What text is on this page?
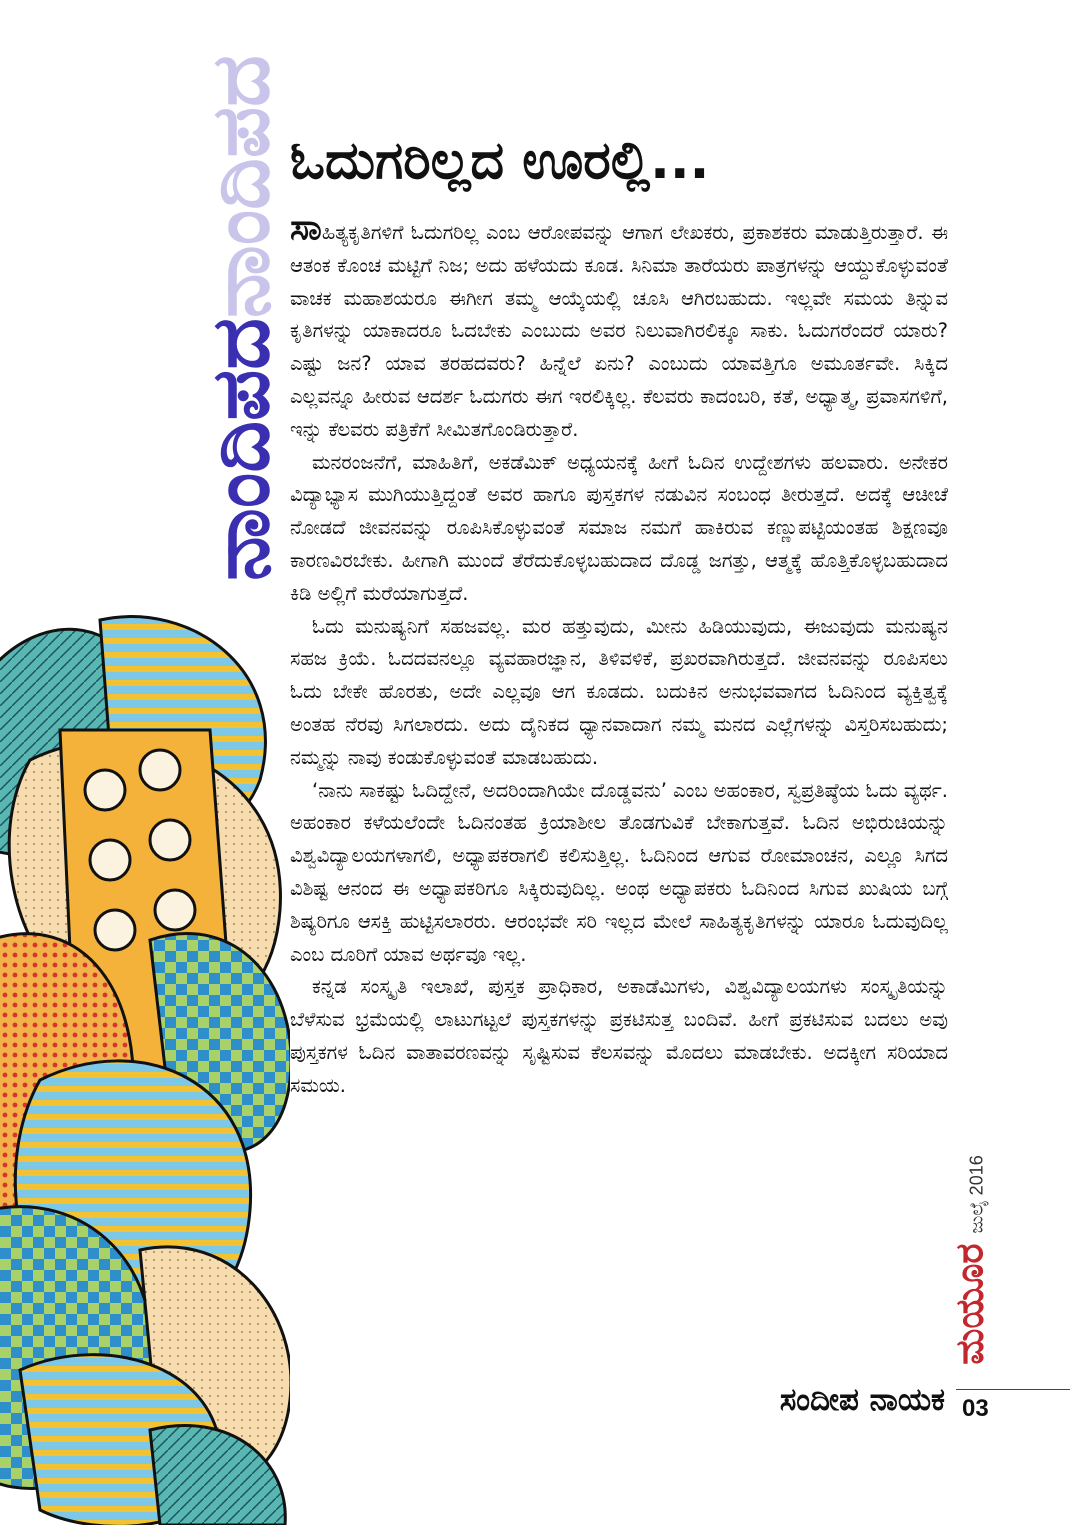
ನಾಂದಿಪದನಾಂದಿಪದ ಓದುಗರಿಲ್ಲದ ಊರಲ್ಲಿ...

ಸಾಹಿತ್ಯಕೃತಿಗಳಿಗೆ ಓದುಗರಿಲ್ಲ ಎಂಬ ಆರೋಪವನ್ನು ಆಗಾಗ ಲೇಖಕರು, ಪ್ರಕಾಶಕರು ಮಾಡುತ್ತಿರುತ್ತಾರೆ. ಈ ಆತಂಕ ಕೊಂಚ ಮಟ್ಟಿಗೆ ನಿಜ; ಅದು ಹಳೆಯದು ಕೂಡ. ಸಿನಿಮಾ ತಾರೆಯರು ಪಾತ್ರಗಳನ್ನು ಆಯ್ದುಕೊಳ್ಳುವಂತೆ ವಾಚಕ ಮಹಾಶಯರೂ ಈಗೀಗ ತಮ್ಮ ಆಯ್ಕೆಯಲ್ಲಿ ಚೂಸಿ ಆಗಿರಬಹುದು. ಇಲ್ಲವೇ ಸಮಯ ತಿನ್ನುವ ಕೃತಿಗಳನ್ನು ಯಾಕಾದರೂ ಓದಬೇಕು ಎಂಬುದು ಅವರ ನಿಲುವಾಗಿರಲಿಕ್ಕೂ ಸಾಕು. ಓದುಗರೆಂದರೆ ಯಾರು? ಎಷ್ಟು ಜನ? ಯಾವ ತರಹದವರು? ಹಿನ್ನೆಲೆ ಏನು? ಎಂಬುದು ಯಾವತ್ತಿಗೂ ಅಮೂರ್ತವೇ. ಸಿಕ್ಕಿದ ಎಲ್ಲವನ್ನೂ ಹೀರುವ ಆದರ್ಶ ಓದುಗರು ಈಗ ಇರಲಿಕ್ಕಿಲ್ಲ. ಕೆಲವರು ಕಾದಂಬರಿ, ಕತೆ, ಅಧ್ಯಾತ್ಮ, ಪ್ರವಾಸಗಳಿಗೆ, ಇನ್ನು ಕೆಲವರು ಪತ್ರಿಕೆಗೆ ಸೀಮಿತಗೊಂಡಿರುತ್ತಾರೆ.

ಮನರಂಜನೆಗೆ, ಮಾಹಿತಿಗೆ, ಅಕಡೆಮಿಕ್ ಅಧ್ಯಯನಕ್ಕೆ ಹೀಗೆ ಓದಿನ ಉದ್ದೇಶಗಳು ಹಲವಾರು. ಅನೇಕರ ವಿದ್ಯಾಭ್ಯಾಸ ಮುಗಿಯುತ್ತಿದ್ದಂತೆ ಅವರ ಹಾಗೂ ಪುಸ್ತಕಗಳ ನಡುವಿನ ಸಂಬಂಧ ತೀರುತ್ತದೆ. ಅದಕ್ಕೆ ಆಚೀಚೆ ನೋಡದೆ ಜೀವನವನ್ನು ರೂಪಿಸಿಕೊಳ್ಳುವಂತೆ ಸಮಾಜ ನಮಗೆ ಹಾಕಿರುವ ಕಣ್ಣುಪಟ್ಟಿಯಂತಹ ಶಿಕ್ಷಣವೂ ಕಾರಣವಿರಬೇಕು. ಹೀಗಾಗಿ ಮುಂದೆ ತೆರೆದುಕೊಳ್ಳಬಹುದಾದ ದೊಡ್ಡ ಜಗತ್ತು, ಆತ್ಮಕ್ಕೆ ಹೊತ್ತಿಕೊಳ್ಳಬಹುದಾದ ಕಿಡಿ ಅಲ್ಲಿಗೆ ಮರೆಯಾಗುತ್ತದೆ.

ಓದು ಮನುಷ್ಯನಿಗೆ ಸಹಜವಲ್ಲ. ಮರ ಹತ್ತುವುದು, ಮೀನು ಹಿಡಿಯುವುದು, ಈಜುವುದು ಮನುಷ್ಯನ ಸಹಜ ಕ್ರಿಯೆ. ಓದದವನಲ್ಲೂ ವ್ಯವಹಾರಜ್ಞಾನ, ತಿಳಿವಳಿಕೆ, ಪ್ರಖರವಾಗಿರುತ್ತದೆ. ಜೀವನವನ್ನು ರೂಪಿಸಲು ಓದು ಬೇಕೇ ಹೊರತು, ಅದೇ ಎಲ್ಲವೂ ಆಗ ಕೂಡದು. ಬದುಕಿನ ಅನುಭವವಾಗದ ಓದಿನಿಂದ ವ್ಯಕ್ತಿತ್ವಕ್ಕೆ ಅಂತಹ ನೆರವು ಸಿಗಲಾರದು. ಅದು ದೈನಿಕದ ಧ್ಯಾನವಾದಾಗ ನಮ್ಮ ಮನದ ಎಲ್ಲೆಗಳನ್ನು ವಿಸ್ತರಿಸಬಹುದು; ನಮ್ಮನ್ನು ನಾವು ಕಂಡುಕೊಳ್ಳುವಂತೆ ಮಾಡಬಹುದು.

‘ನಾನು ಸಾಕಷ್ಟು ಓದಿದ್ದೇನೆ, ಅದರಿಂದಾಗಿಯೇ ದೊಡ್ಡವನು’ ಎಂಬ ಅಹಂಕಾರ, ಸ್ವಪ್ರತಿಷ್ಠೆಯ ಓದು ವ್ಯರ್ಥ. ಅಹಂಕಾರ ಕಳೆಯಲೆಂದೇ ಓದಿನಂತಹ ಕ್ರಿಯಾಶೀಲ ತೊಡಗುವಿಕೆ ಬೇಕಾಗುತ್ತವೆ. ಓದಿನ ಅಭಿರುಚಿಯನ್ನು ವಿಶ್ವವಿದ್ಯಾಲಯಗಳಾಗಲಿ, ಅಧ್ಯಾಪಕರಾಗಲಿ ಕಲಿಸುತ್ತಿಲ್ಲ. ಓದಿನಿಂದ ಆಗುವ ರೋಮಾಂಚನ, ಎಲ್ಲೂ ಸಿಗದ ವಿಶಿಷ್ಟ ಆನಂದ ಈ ಅಧ್ಯಾಪಕರಿಗೂ ಸಿಕ್ಕಿರುವುದಿಲ್ಲ. ಅಂಥ ಅಧ್ಯಾಪಕರು ಓದಿನಿಂದ ಸಿಗುವ ಖುಷಿಯ ಬಗ್ಗೆ ಶಿಷ್ಯರಿಗೂ ಆಸಕ್ತಿ ಹುಟ್ಟಿಸಲಾರರು. ಆರಂಭವೇ ಸರಿ ಇಲ್ಲದ ಮೇಲೆ ಸಾಹಿತ್ಯಕೃತಿಗಳನ್ನು ಯಾರೂ ಓದುವುದಿಲ್ಲ ಎಂಬ ದೂರಿಗೆ ಯಾವ ಅರ್ಥವೂ ಇಲ್ಲ.

ಕನ್ನಡ ಸಂಸ್ಕೃತಿ ಇಲಾಖೆ, ಪುಸ್ತಕ ಪ್ರಾಧಿಕಾರ, ಅಕಾಡೆಮಿಗಳು, ವಿಶ್ವವಿದ್ಯಾಲಯಗಳು ಸಂಸ್ಕೃತಿಯನ್ನು ಬೆಳೆಸುವ ಭ್ರಮೆಯಲ್ಲಿ ಲಾಟುಗಟ್ಟಲೆ ಪುಸ್ತಕಗಳನ್ನು ಪ್ರಕಟಿಸುತ್ತ ಬಂದಿವೆ. ಹೀಗೆ ಪ್ರಕಟಿಸುವ ಬದಲು ಅವು ಪುಸ್ತಕಗಳ ಓದಿನ ವಾತಾವರಣವನ್ನು ಸೃಷ್ಟಿಸುವ ಕೆಲಸವನ್ನು ಮೊದಲು ಮಾಡಬೇಕು. ಅದಕ್ಕೀಗ ಸರಿಯಾದ ಸಮಯ.

ಸಂದೀಪ ನಾಯಕ
ಮಯೂರಜುಲೈ 2016
03
